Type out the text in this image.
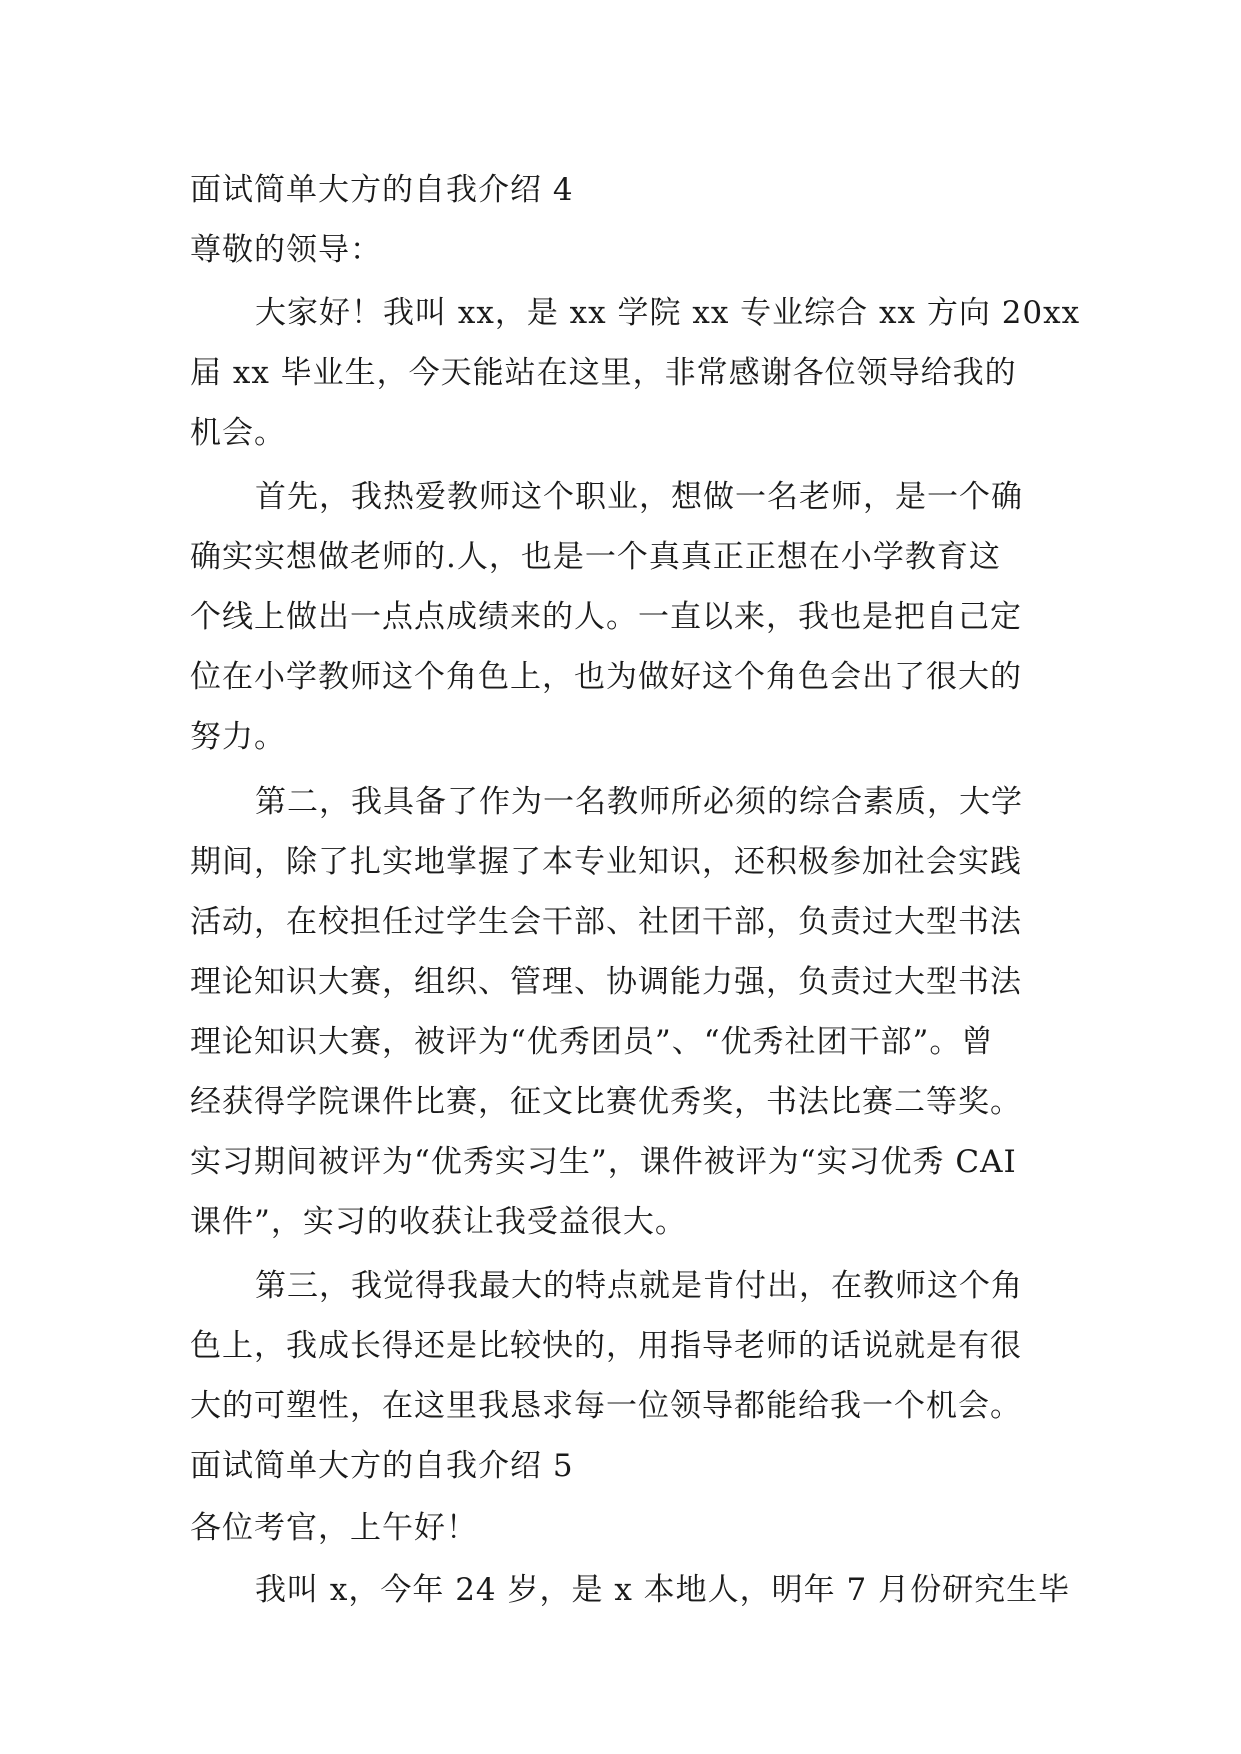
面试简单大方的自我介绍 4
尊敬的领导：
大家好！我叫 xx，是 xx 学院 xx 专业综合 xx 方向 20xx
届 xx 毕业生，今天能站在这里，非常感谢各位领导给我的
机会。
首先，我热爱教师这个职业，想做一名老师，是一个确
确实实想做老师的.人，也是一个真真正正想在小学教育这
个线上做出一点点成绩来的人。一直以来，我也是把自己定
位在小学教师这个角色上，也为做好这个角色会出了很大的
努力。
第二，我具备了作为一名教师所必须的综合素质，大学
期间，除了扎实地掌握了本专业知识，还积极参加社会实践
活动，在校担任过学生会干部、社团干部，负责过大型书法
理论知识大赛，组织、管理、协调能力强，负责过大型书法
理论知识大赛，被评为“优秀团员”、“优秀社团干部”。曾
经获得学院课件比赛，征文比赛优秀奖，书法比赛二等奖。
实习期间被评为“优秀实习生”，课件被评为“实习优秀 CAI
课件”，实习的收获让我受益很大。
第三，我觉得我最大的特点就是肯付出，在教师这个角
色上，我成长得还是比较快的，用指导老师的话说就是有很
大的可塑性，在这里我恳求每一位领导都能给我一个机会。
面试简单大方的自我介绍 5
各位考官，上午好！
我叫 x，今年 24 岁，是 x 本地人，明年 7 月份研究生毕
